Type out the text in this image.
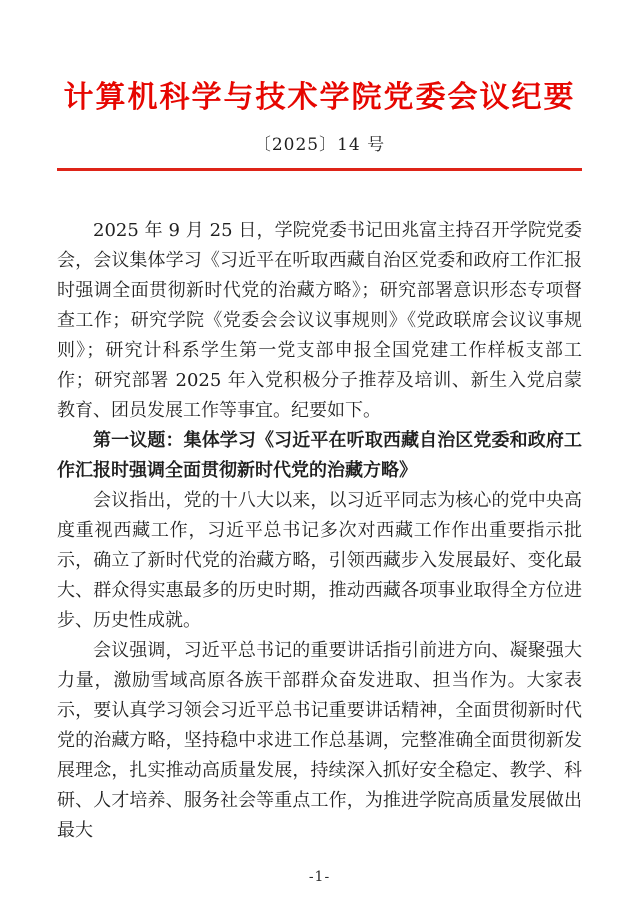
计算机科学与技术学院党委会议纪要
〔2025〕14 号

2025 年 9 月 25 日，学院党委书记田兆富主持召开学院党委会，会议集体学习《习近平在听取西藏自治区党委和政府工作汇报时强调全面贯彻新时代党的治藏方略》；研究部署意识形态专项督查工作；研究学院《党委会会议议事规则》《党政联席会议议事规则》；研究计科系学生第一党支部申报全国党建工作样板支部工作；研究部署 2025 年入党积极分子推荐及培训、新生入党启蒙教育、团员发展工作等事宜。纪要如下。

第一议题：集体学习《习近平在听取西藏自治区党委和政府工作汇报时强调全面贯彻新时代党的治藏方略》

会议指出，党的十八大以来，以习近平同志为核心的党中央高度重视西藏工作，习近平总书记多次对西藏工作作出重要指示批示，确立了新时代党的治藏方略，引领西藏步入发展最好、变化最大、群众得实惠最多的历史时期，推动西藏各项事业取得全方位进步、历史性成就。

会议强调，习近平总书记的重要讲话指引前进方向、凝聚强大力量，激励雪域高原各族干部群众奋发进取、担当作为。大家表示，要认真学习领会习近平总书记重要讲话精神，全面贯彻新时代党的治藏方略，坚持稳中求进工作总基调，完整准确全面贯彻新发展理念，扎实推动高质量发展，持续深入抓好安全稳定、教学、科研、人才培养、服务社会等重点工作，为推进学院高质量发展做出最大

-1-
